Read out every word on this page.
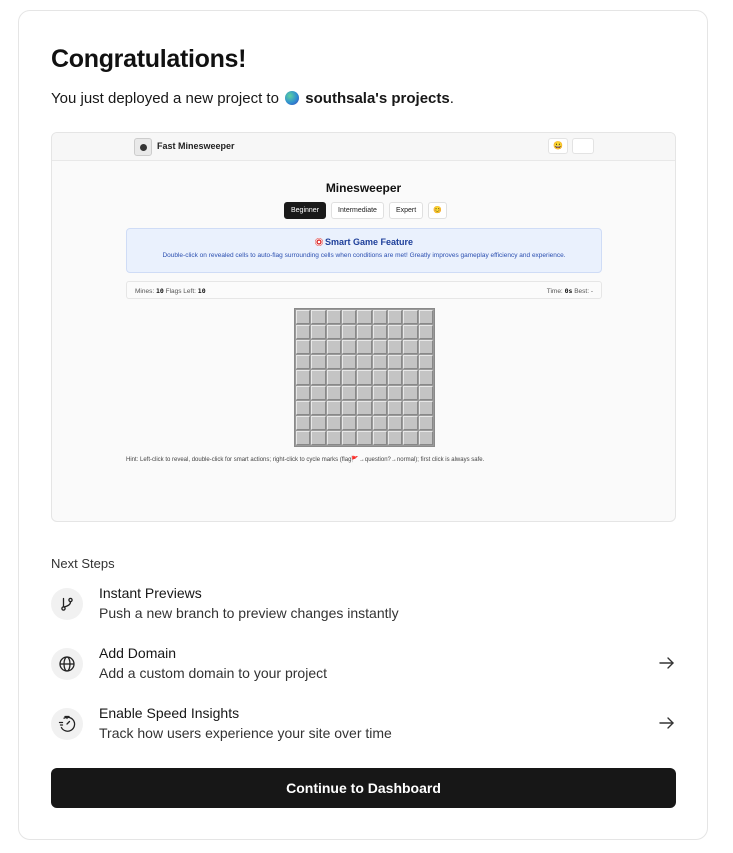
Congratulations!

You just deployed a new project to southsala's projects.

Fast Minesweeper	😀
Minesweeper
Beginner	Intermediate	Expert	😊
Smart Game Feature
Double-click on revealed cells to auto-flag surrounding cells when conditions are met! Greatly improves gameplay efficiency and experience.
Mines: 10 Flags Left: 10	Time: 0s Best: -
Hint: Left-click to reveal, double-click for smart actions; right-click to cycle marks (flag🚩→question?→normal); first click is always safe.
Next Steps
Instant Previews
Push a new branch to preview changes instantly
Add Domain
Add a custom domain to your project
Enable Speed Insights
Track how users experience your site over time
Continue to Dashboard
